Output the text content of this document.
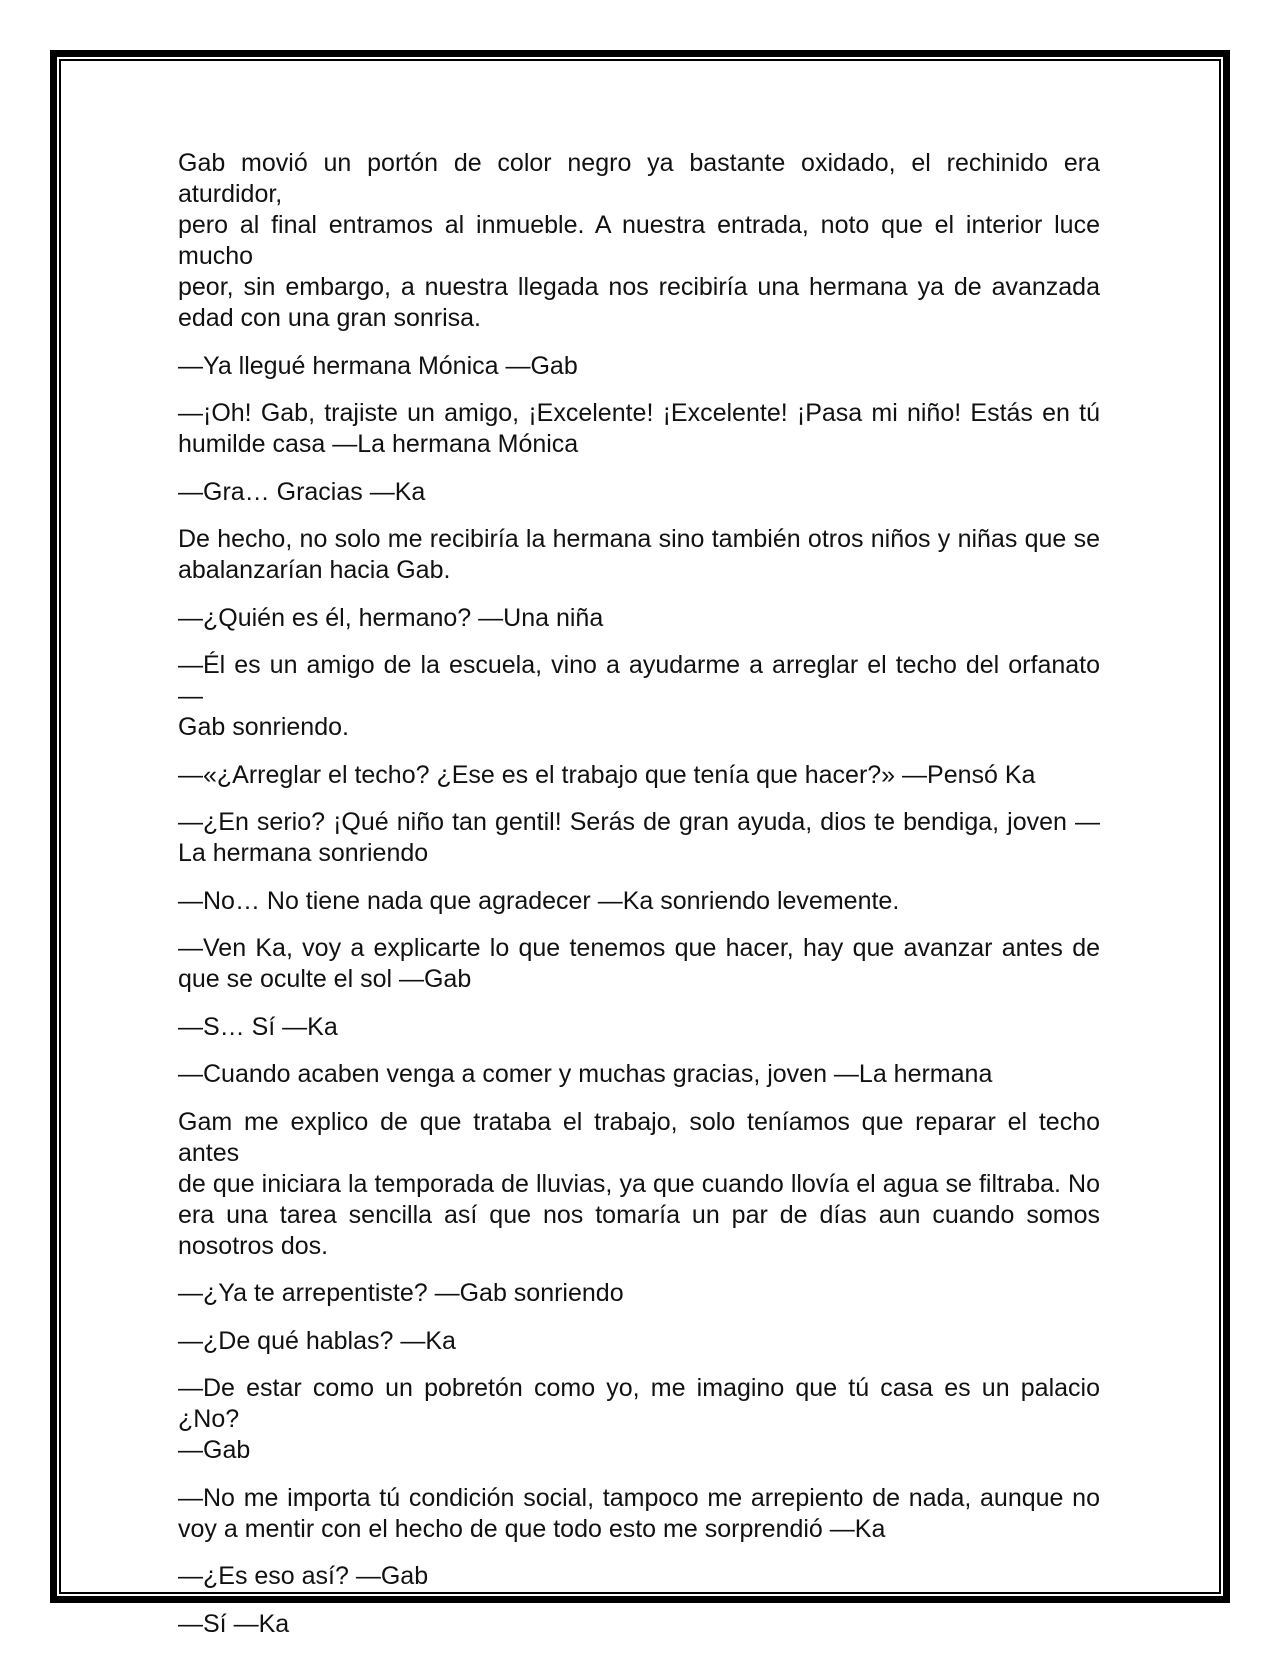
Gab movió un portón de color negro ya bastante oxidado, el rechinido era aturdidor,
pero al final entramos al inmueble. A nuestra entrada, noto que el interior luce mucho
peor, sin embargo, a nuestra llegada nos recibiría una hermana ya de avanzada
edad con una gran sonrisa.
—Ya llegué hermana Mónica —Gab
—¡Oh! Gab, trajiste un amigo, ¡Excelente! ¡Excelente! ¡Pasa mi niño! Estás en tú
humilde casa —La hermana Mónica
—Gra… Gracias —Ka
De hecho, no solo me recibiría la hermana sino también otros niños y niñas que se
abalanzarían hacia Gab.
—¿Quién es él, hermano? —Una niña
—Él es un amigo de la escuela, vino a ayudarme a arreglar el techo del orfanato —
Gab sonriendo.
—«¿Arreglar el techo? ¿Ese es el trabajo que tenía que hacer?» —Pensó Ka
—¿En serio? ¡Qué niño tan gentil! Serás de gran ayuda, dios te bendiga, joven —
La hermana sonriendo
—No… No tiene nada que agradecer —Ka sonriendo levemente.
—Ven Ka, voy a explicarte lo que tenemos que hacer, hay que avanzar antes de
que se oculte el sol —Gab
—S… Sí —Ka
—Cuando acaben venga a comer y muchas gracias, joven —La hermana
Gam me explico de que trataba el trabajo, solo teníamos que reparar el techo antes
de que iniciara la temporada de lluvias, ya que cuando llovía el agua se filtraba. No
era una tarea sencilla así que nos tomaría un par de días aun cuando somos
nosotros dos.
—¿Ya te arrepentiste? —Gab sonriendo
—¿De qué hablas? —Ka
—De estar como un pobretón como yo, me imagino que tú casa es un palacio ¿No?
—Gab
—No me importa tú condición social, tampoco me arrepiento de nada, aunque no
voy a mentir con el hecho de que todo esto me sorprendió —Ka
—¿Es eso así? —Gab
—Sí —Ka
